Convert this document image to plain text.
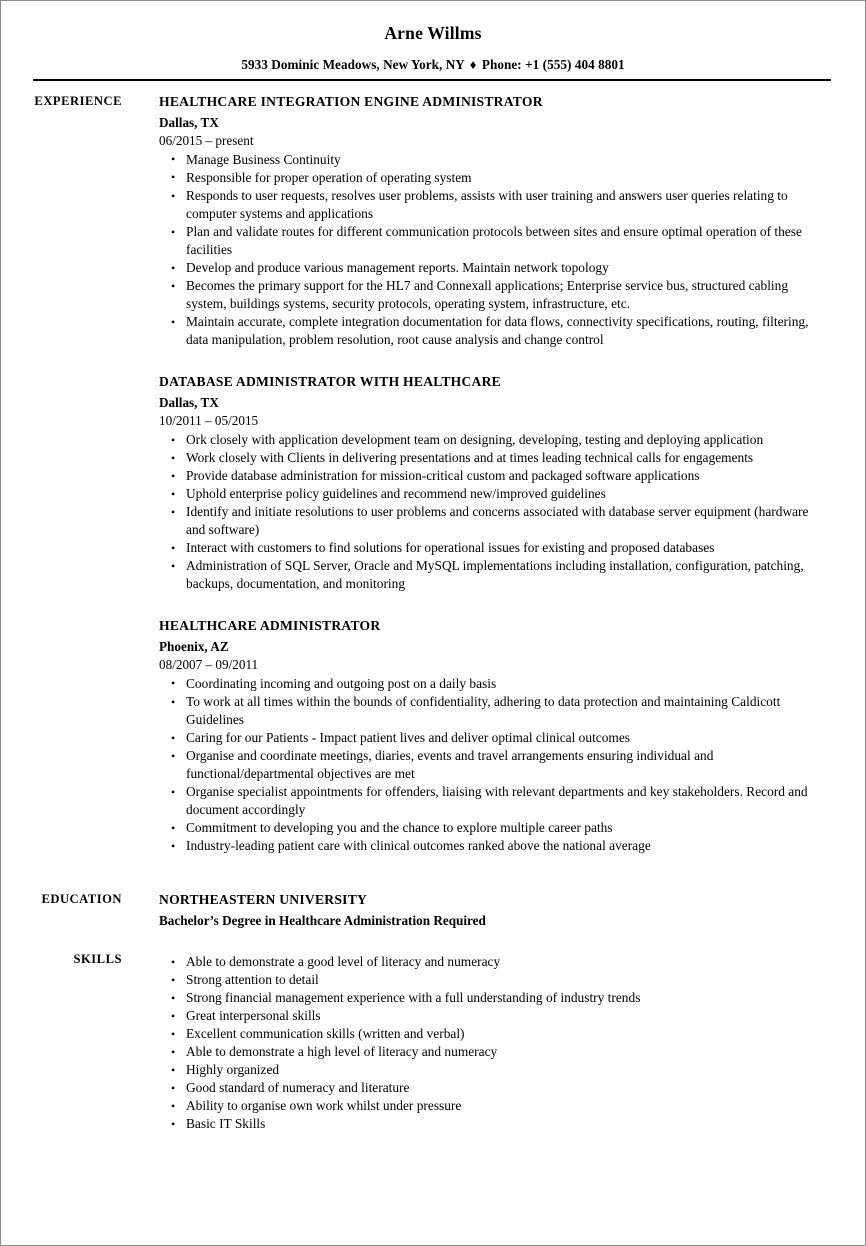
Arne Willms
5933 Dominic Meadows, New York, NY ♦ Phone: +1 (555) 404 8801
EXPERIENCE	HEALTHCARE INTEGRATION ENGINE ADMINISTRATOR
Dallas, TX
06/2015 – present
• Manage Business Continuity
• Responsible for proper operation of operating system
• Responds to user requests, resolves user problems, assists with user training and answers user queries relating to computer systems and applications
• Plan and validate routes for different communication protocols between sites and ensure optimal operation of these facilities
• Develop and produce various management reports. Maintain network topology
• Becomes the primary support for the HL7 and Connexall applications; Enterprise service bus, structured cabling system, buildings systems, security protocols, operating system, infrastructure, etc.
• Maintain accurate, complete integration documentation for data flows, connectivity specifications, routing, filtering, data manipulation, problem resolution, root cause analysis and change control
DATABASE ADMINISTRATOR WITH HEALTHCARE
Dallas, TX
10/2011 – 05/2015
• Ork closely with application development team on designing, developing, testing and deploying application
• Work closely with Clients in delivering presentations and at times leading technical calls for engagements
• Provide database administration for mission-critical custom and packaged software applications
• Uphold enterprise policy guidelines and recommend new/improved guidelines
• Identify and initiate resolutions to user problems and concerns associated with database server equipment (hardware and software)
• Interact with customers to find solutions for operational issues for existing and proposed databases
• Administration of SQL Server, Oracle and MySQL implementations including installation, configuration, patching, backups, documentation, and monitoring
HEALTHCARE ADMINISTRATOR
Phoenix, AZ
08/2007 – 09/2011
• Coordinating incoming and outgoing post on a daily basis
• To work at all times within the bounds of confidentiality, adhering to data protection and maintaining Caldicott Guidelines
• Caring for our Patients - Impact patient lives and deliver optimal clinical outcomes
• Organise and coordinate meetings, diaries, events and travel arrangements ensuring individual and functional/departmental objectives are met
• Organise specialist appointments for offenders, liaising with relevant departments and key stakeholders. Record and document accordingly
• Commitment to developing you and the chance to explore multiple career paths
• Industry-leading patient care with clinical outcomes ranked above the national average
EDUCATION	NORTHEASTERN UNIVERSITY
Bachelor’s Degree in Healthcare Administration Required
SKILLS	• Able to demonstrate a good level of literacy and numeracy
• Strong attention to detail
• Strong financial management experience with a full understanding of industry trends
• Great interpersonal skills
• Excellent communication skills (written and verbal)
• Able to demonstrate a high level of literacy and numeracy
• Highly organized
• Good standard of numeracy and literature
• Ability to organise own work whilst under pressure
• Basic IT Skills
